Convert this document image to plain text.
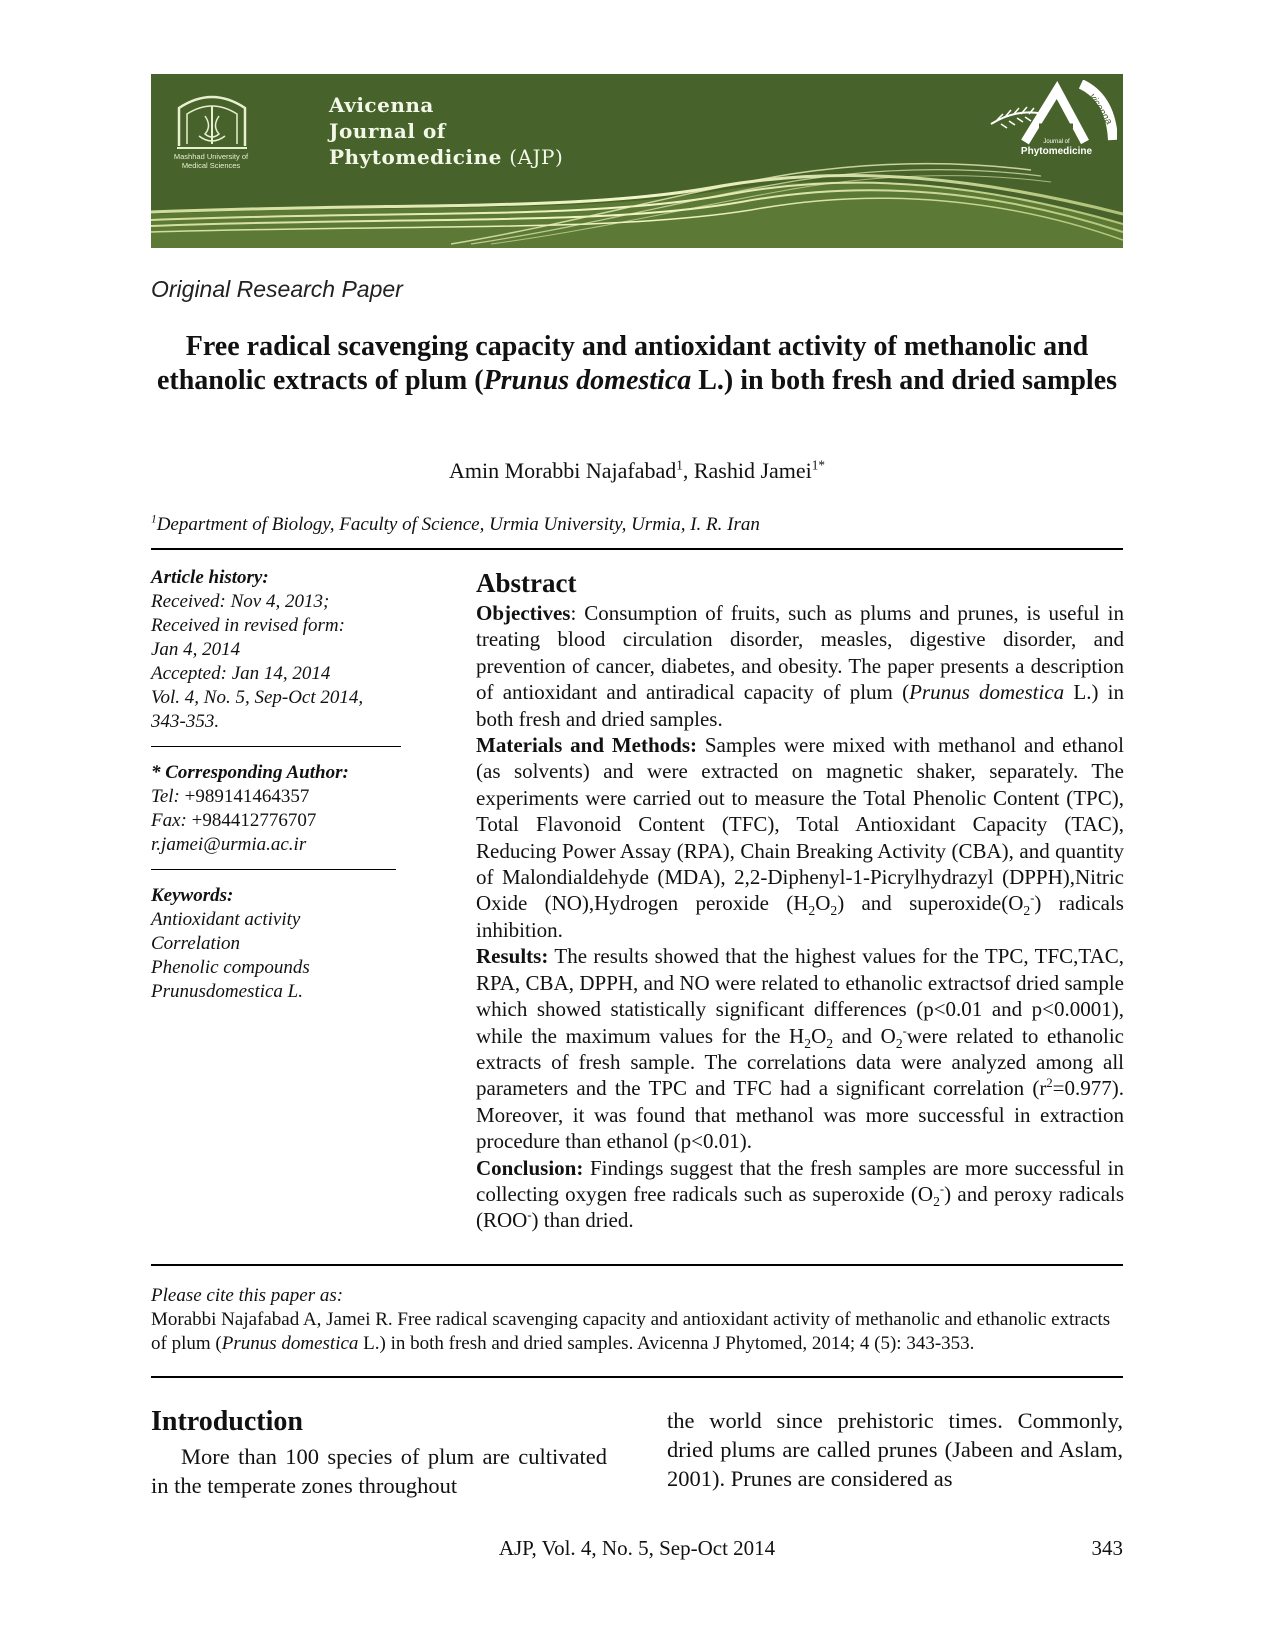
Mashhad University of Medical Sciences
Avicenna
Journal of
Phytomedicine (AJP)
vicenna
Journal of
Phytomedicine
Original Research Paper
Free radical scavenging capacity and antioxidant activity of methanolic and ethanolic extracts of plum (Prunus domestica L.) in both fresh and dried samples
Amin Morabbi Najafabad$^1$, Rashid Jamei$^{1*}$
$^1$Department of Biology, Faculty of Science, Urmia University, Urmia, I. R. Iran
Article history:
Received: Nov 4, 2013;
Received in revised form:
Jan 4, 2014
Accepted: Jan 14, 2014
Vol. 4, No. 5, Sep-Oct 2014,
343-353.
* Corresponding Author:
Tel: +989141464357
Fax: +984412776707
r.jamei@urmia.ac.ir
Keywords:
Antioxidant activity
Correlation
Phenolic compounds
Prunusdomestica L.
Abstract

Objectives: Consumption of fruits, such as plums and prunes, is useful in treating blood circulation disorder, measles, digestive disorder, and prevention of cancer, diabetes, and obesity. The paper presents a description of antioxidant and antiradical capacity of plum (Prunus domestica L.) in both fresh and dried samples.

Materials and Methods: Samples were mixed with methanol and ethanol (as solvents) and were extracted on magnetic shaker, separately. The experiments were carried out to measure the Total Phenolic Content (TPC), Total Flavonoid Content (TFC), Total Antioxidant Capacity (TAC), Reducing Power Assay (RPA), Chain Breaking Activity (CBA), and quantity of Malondialdehyde (MDA), 2,2-Diphenyl-1-Picrylhydrazyl (DPPH),Nitric Oxide (NO),Hydrogen peroxide $(H_2O_2)$ and $superoxide(O_2^-)$ radicals inhibition.

Results: The results showed that the highest values for the TPC, TFC,TAC, RPA, CBA, DPPH, and NO were related to ethanolic extractsof dried sample which showed statistically significant differences (p<0.01 and p<0.0001), while the maximum values for the $H_2O_2$ and $O_2^-were$ related to ethanolic extracts of fresh sample. The correlations data were analyzed among all parameters and the TPC and TFC had a significant correlation $(r^2=0.977)$. Moreover, it was found that methanol was more successful in extraction procedure than ethanol (p<0.01).

Conclusion: Findings suggest that the fresh samples are more successful in collecting oxygen free radicals such as superoxide $(O_2^-)$ and peroxy radicals (ROO-) than dried.

Please cite this paper as:
Morabbi Najafabad A, Jamei R. Free radical scavenging capacity and antioxidant activity of methanolic and ethanolic extracts of plum (Prunus domestica L.) in both fresh and dried samples. Avicenna J Phytomed, 2014; 4 (5): 343-353.
Introduction

More than 100 species of plum are cultivated in the temperate zones throughout

the world since prehistoric times. Commonly, dried plums are called prunes (Jabeen and Aslam, 2001). Prunes are considered as

AJP, Vol. 4, No. 5, Sep-Oct 2014	343
